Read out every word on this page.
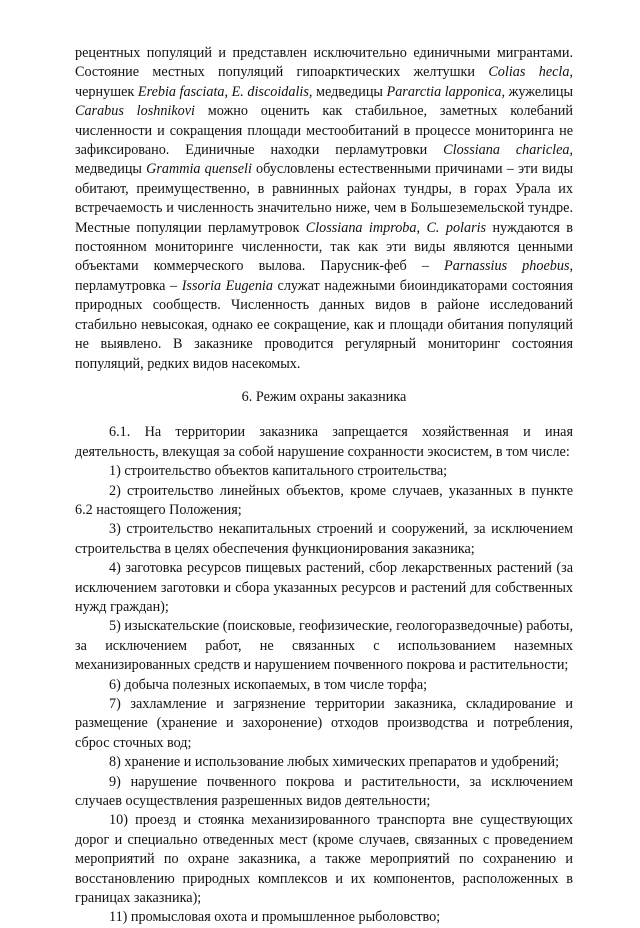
рецентных популяций и представлен исключительно единичными мигрантами. Состояние местных популяций гипоарктических желтушки Colias hecla, чернушек Erebia fasciata, E. discoidalis, медведицы Pararctia lapponica, жужелицы Carabus loshnikovi можно оценить как стабильное, заметных колебаний численности и сокращения площади местообитаний в процессе мониторинга не зафиксировано. Единичные находки перламутровки Clossiana chariclea, медведицы Grammia quenseli обусловлены естественными причинами – эти виды обитают, преимущественно, в равнинных районах тундры, в горах Урала их встречаемость и численность значительно ниже, чем в Большеземельской тундре. Местные популяции перламутровок Clossiana improba, C. polaris нуждаются в постоянном мониторинге численности, так как эти виды являются ценными объектами коммерческого вылова. Парусник-феб – Parnassius phoebus, перламутровка – Issoria Eugenia служат надежными биоиндикаторами состояния природных сообществ. Численность данных видов в районе исследований стабильно невысокая, однако ее сокращение, как и площади обитания популяций не выявлено. В заказнике проводится регулярный мониторинг состояния популяций, редких видов насекомых.

6. Режим охраны заказника

6.1. На территории заказника запрещается хозяйственная и иная деятельность, влекущая за собой нарушение сохранности экосистем, в том числе:

1) строительство объектов капитального строительства;

2) строительство линейных объектов, кроме случаев, указанных в пункте 6.2 настоящего Положения;

3) строительство некапитальных строений и сооружений, за исключением строительства в целях обеспечения функционирования заказника;

4) заготовка ресурсов пищевых растений, сбор лекарственных растений (за исключением заготовки и сбора указанных ресурсов и растений для собственных нужд граждан);

5) изыскательские (поисковые, геофизические, геологоразведочные) работы, за исключением работ, не связанных с использованием наземных механизированных средств и нарушением почвенного покрова и растительности;

6) добыча полезных ископаемых, в том числе торфа;

7) захламление и загрязнение территории заказника, складирование и размещение (хранение и захоронение) отходов производства и потребления, сброс сточных вод;

8) хранение и использование любых химических препаратов и удобрений;

9) нарушение почвенного покрова и растительности, за исключением случаев осуществления разрешенных видов деятельности;

10) проезд и стоянка механизированного транспорта вне существующих дорог и специально отведенных мест (кроме случаев, связанных с проведением мероприятий по охране заказника, а также мероприятий по сохранению и восстановлению природных комплексов и их компонентов, расположенных в границах заказника);

11) промысловая охота и промышленное рыболовство;
